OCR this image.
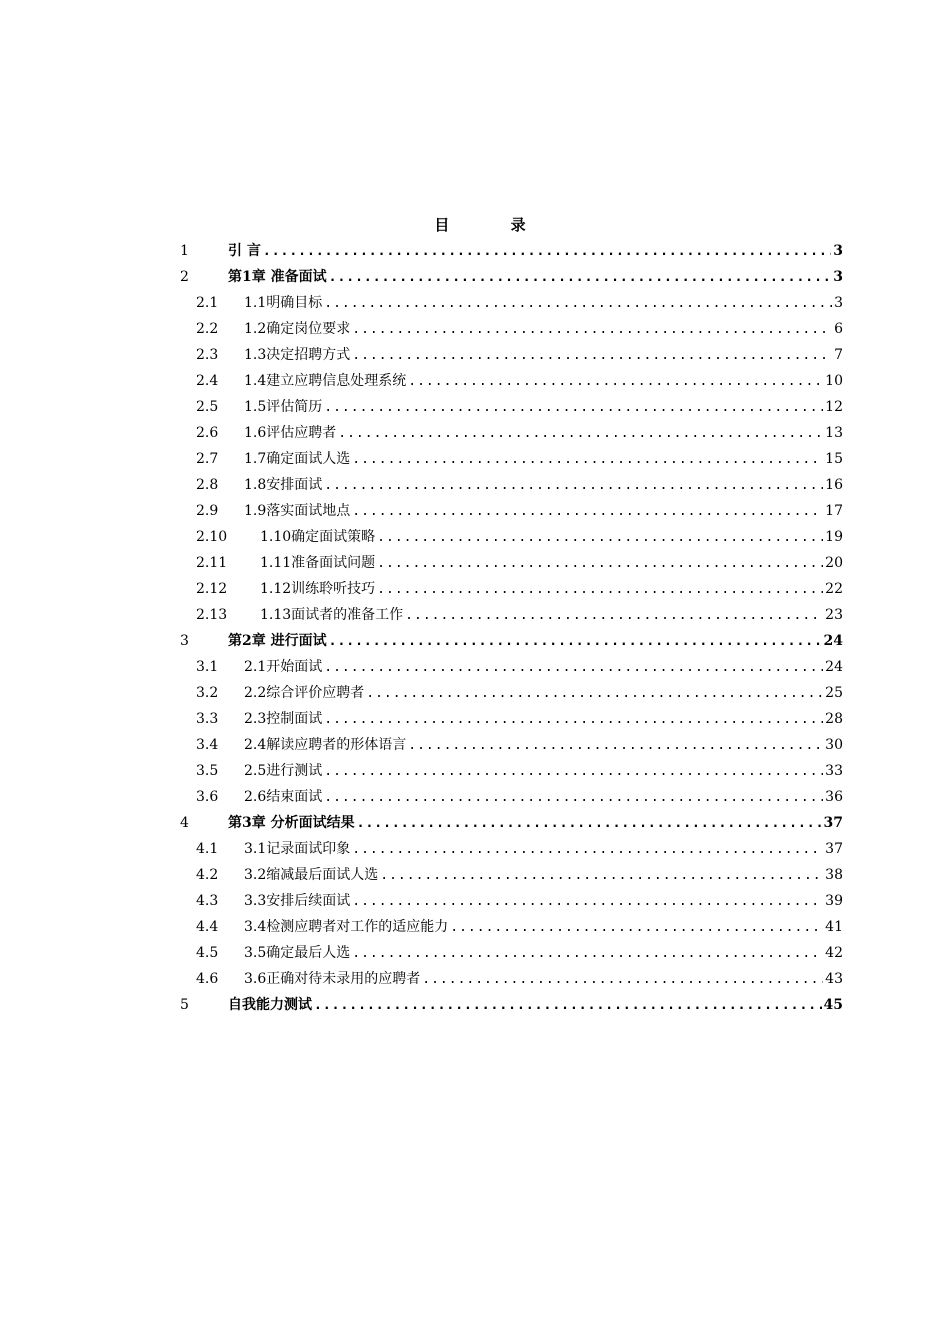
目 录
1	引 言 .....	3
2	第1章 准备面试 .....	3
2.1	1.1明确目标 .....	3
2.2	1.2确定岗位要求 .....	6
2.3	1.3决定招聘方式 .....	7
2.4	1.4建立应聘信息处理系统 .....	10
2.5	1.5评估简历 .....	12
2.6	1.6评估应聘者 .....	13
2.7	1.7确定面试人选 .....	15
2.8	1.8安排面试 .....	16
2.9	1.9落实面试地点 .....	17
2.10	1.10确定面试策略 .....	19
2.11	1.11准备面试问题 .....	20
2.12	1.12训练聆听技巧 .....	22
2.13	1.13面试者的准备工作 .....	23
3	第2章 进行面试 .....	24
3.1	2.1开始面试 .....	24
3.2	2.2综合评价应聘者 .....	25
3.3	2.3控制面试 .....	28
3.4	2.4解读应聘者的形体语言 .....	30
3.5	2.5进行测试 .....	33
3.6	2.6结束面试 .....	36
4	第3章 分析面试结果 .....	37
4.1	3.1记录面试印象 .....	37
4.2	3.2缩减最后面试人选 .....	38
4.3	3.3安排后续面试 .....	39
4.4	3.4检测应聘者对工作的适应能力 .....	41
4.5	3.5确定最后人选 .....	42
4.6	3.6正确对待未录用的应聘者 .....	43
5	自我能力测试 .....	45
